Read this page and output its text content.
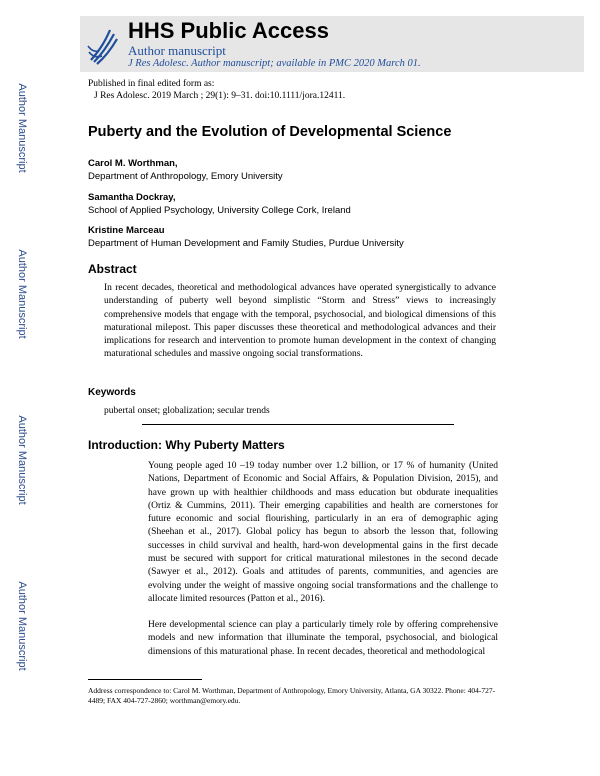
HHS Public Access
Author manuscript
J Res Adolesc. Author manuscript; available in PMC 2020 March 01.
Author Manuscript
Author Manuscript
Author Manuscript
Author Manuscript
Published in final edited form as:
J Res Adolesc. 2019 March ; 29(1): 9–31. doi:10.1111/jora.12411.
Puberty and the Evolution of Developmental Science
Carol M. Worthman,
Department of Anthropology, Emory University
Samantha Dockray,
School of Applied Psychology, University College Cork, Ireland
Kristine Marceau
Department of Human Development and Family Studies, Purdue University
Abstract
In recent decades, theoretical and methodological advances have operated synergistically to advance understanding of puberty well beyond simplistic “Storm and Stress” views to increasingly comprehensive models that engage with the temporal, psychosocial, and biological dimensions of this maturational milepost. This paper discusses these theoretical and methodological advances and their implications for research and intervention to promote human development in the context of changing maturational schedules and massive ongoing social transformations.
Keywords
pubertal onset; globalization; secular trends
Introduction: Why Puberty Matters
Young people aged 10 –19 today number over 1.2 billion, or 17 % of humanity (United Nations, Department of Economic and Social Affairs, & Population Division, 2015), and have grown up with healthier childhoods and mass education but obdurate inequalities (Ortiz & Cummins, 2011). Their emerging capabilities and health are cornerstones for future economic and social flourishing, particularly in an era of demographic aging (Sheehan et al., 2017). Global policy has begun to absorb the lesson that, following successes in child survival and health, hard-won developmental gains in the first decade must be secured with support for critical maturational milestones in the second decade (Sawyer et al., 2012). Goals and attitudes of parents, communities, and agencies are evolving under the weight of massive ongoing social transformations and the challenge to allocate limited resources (Patton et al., 2016).
Here developmental science can play a particularly timely role by offering comprehensive models and new information that illuminate the temporal, psychosocial, and biological dimensions of this maturational phase. In recent decades, theoretical and methodological
Address correspondence to: Carol M. Worthman, Department of Anthropology, Emory University, Atlanta, GA 30322. Phone: 404-727-4489; FAX 404-727-2860; worthman@emory.edu.
